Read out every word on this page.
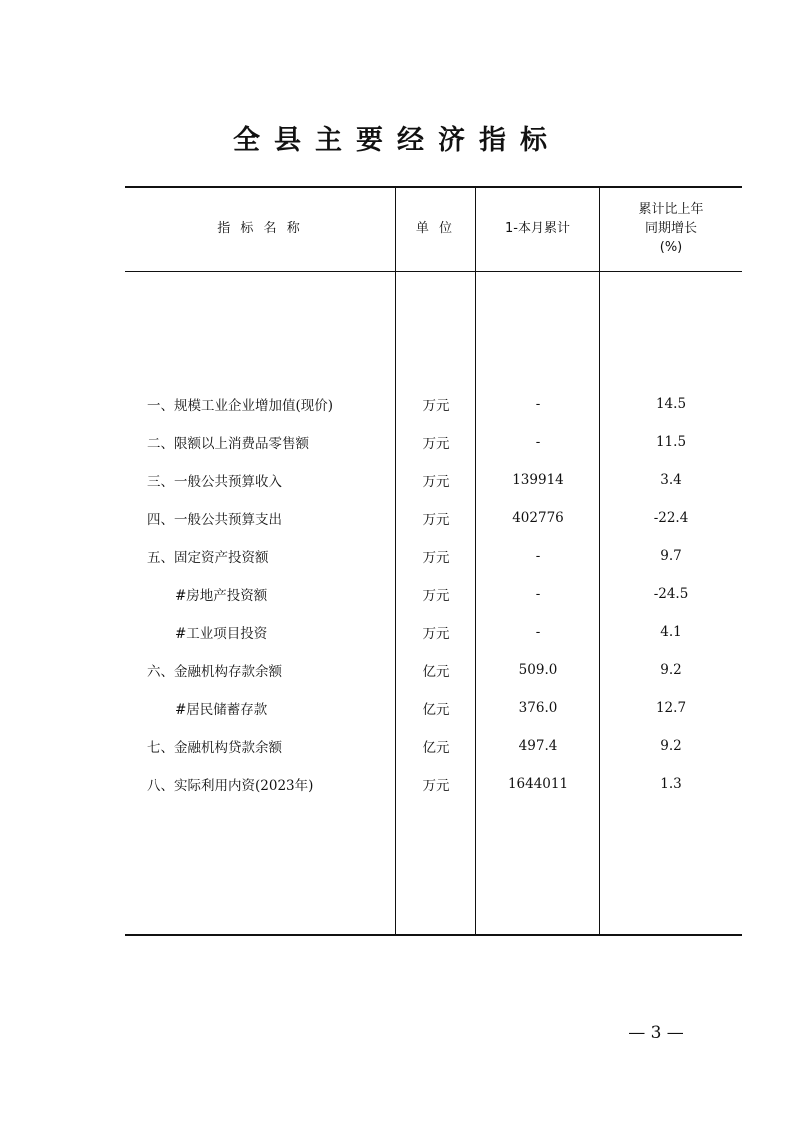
全县主要经济指标
指 标 名 称	单 位	1-本月累计
累计比上年
同期增长
(%)
一、规模工业企业增加值(现价)	万元	-	14.5
二、限额以上消费品零售额	万元	-	11.5
三、一般公共预算收入	万元	139914	3.4
四、一般公共预算支出	万元	402776	-22.4
五、固定资产投资额	万元	-	9.7
#房地产投资额	万元	-	-24.5
#工业项目投资	万元	-	4.1
六、金融机构存款余额	亿元	509.0	9.2
#居民储蓄存款	亿元	376.0	12.7
七、金融机构贷款余额	亿元	497.4	9.2
八、实际利用内资(2023年)	万元	1644011	1.3
— 3 —
